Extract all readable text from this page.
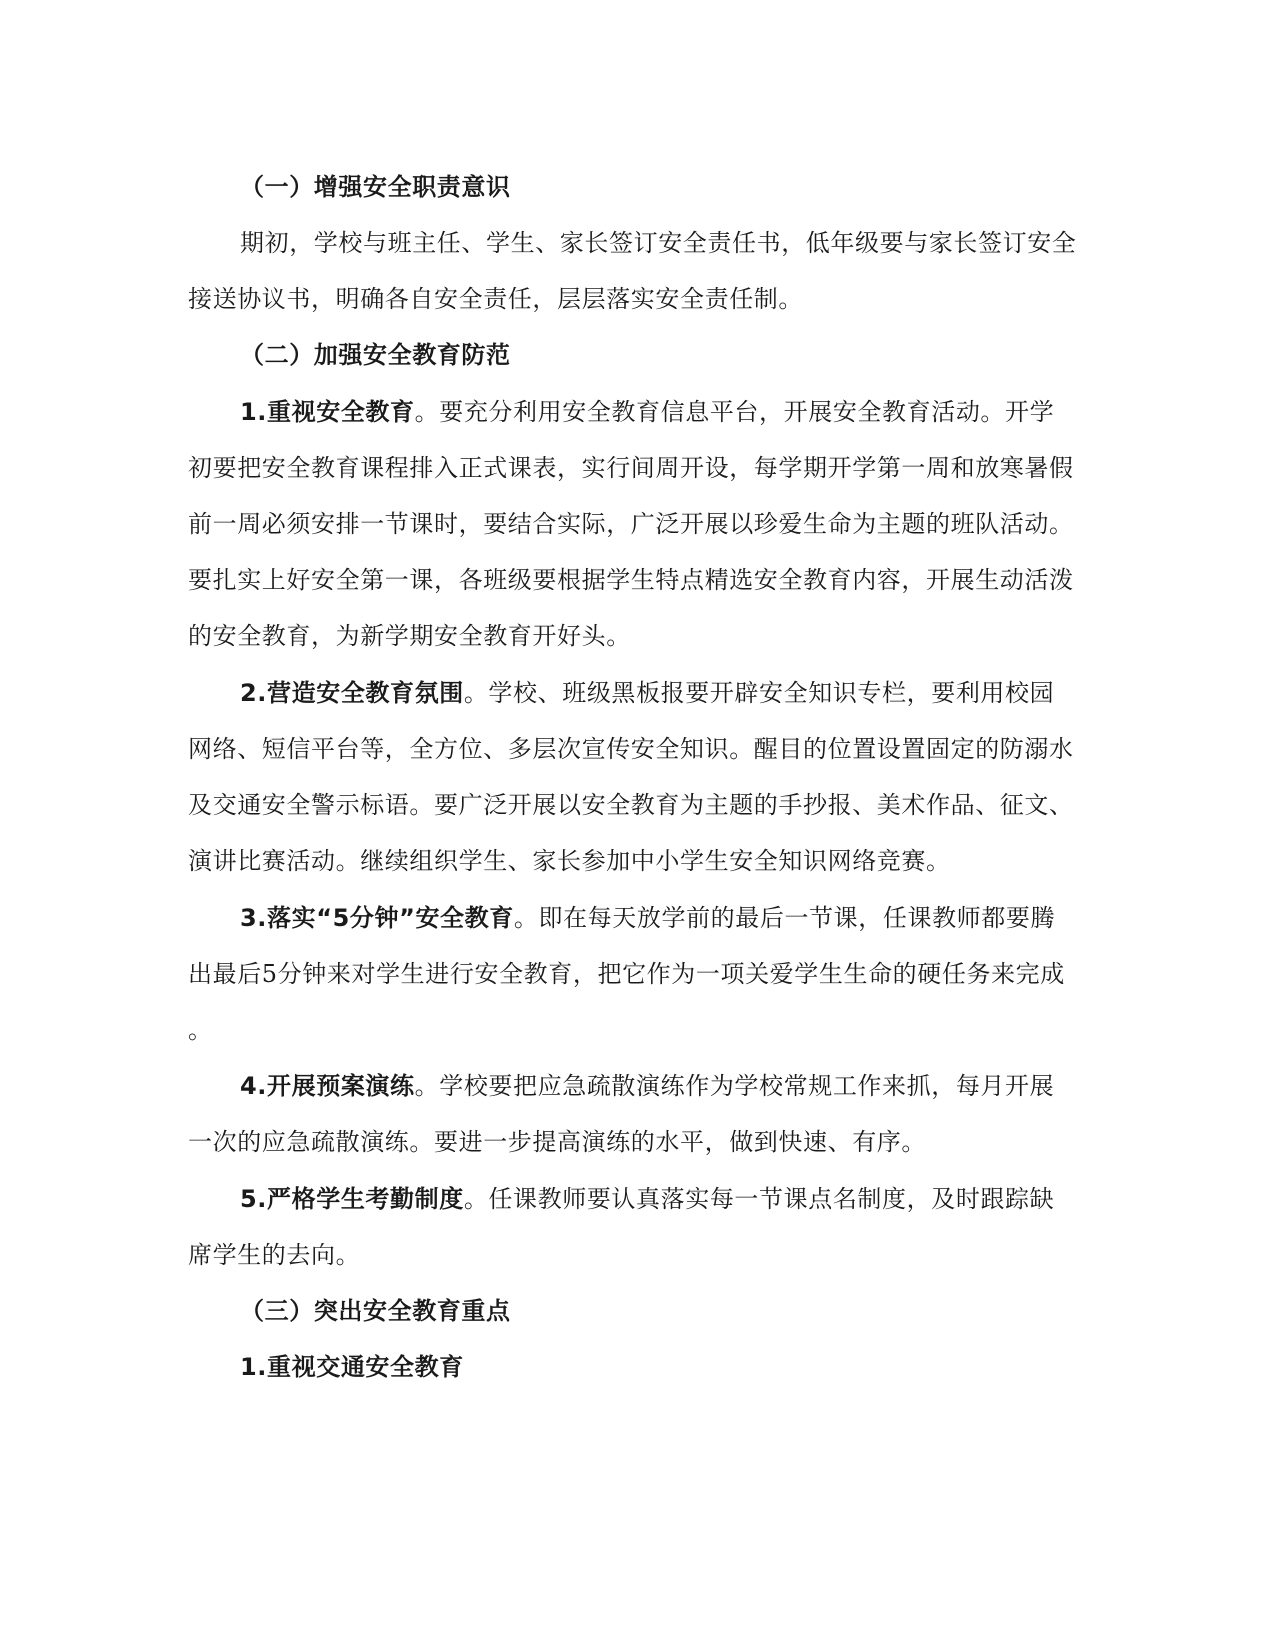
（一）增强安全职责意识
期初，学校与班主任、学生、家长签订安全责任书，低年级要与家长签订安全
接送协议书，明确各自安全责任，层层落实安全责任制。
（二）加强安全教育防范
1.重视安全教育。要充分利用安全教育信息平台，开展安全教育活动。开学
初要把安全教育课程排入正式课表，实行间周开设，每学期开学第一周和放寒暑假
前一周必须安排一节课时，要结合实际，广泛开展以珍爱生命为主题的班队活动。
要扎实上好安全第一课，各班级要根据学生特点精选安全教育内容，开展生动活泼
的安全教育，为新学期安全教育开好头。
2.营造安全教育氛围。学校、班级黑板报要开辟安全知识专栏，要利用校园
网络、短信平台等，全方位、多层次宣传安全知识。醒目的位置设置固定的防溺水
及交通安全警示标语。要广泛开展以安全教育为主题的手抄报、美术作品、征文、
演讲比赛活动。继续组织学生、家长参加中小学生安全知识网络竞赛。
3.落实“5分钟”安全教育。即在每天放学前的最后一节课，任课教师都要腾
出最后5分钟来对学生进行安全教育，把它作为一项关爱学生生命的硬任务来完成
。
4.开展预案演练。学校要把应急疏散演练作为学校常规工作来抓，每月开展
一次的应急疏散演练。要进一步提高演练的水平，做到快速、有序。
5.严格学生考勤制度。任课教师要认真落实每一节课点名制度，及时跟踪缺
席学生的去向。
（三）突出安全教育重点
1.重视交通安全教育
